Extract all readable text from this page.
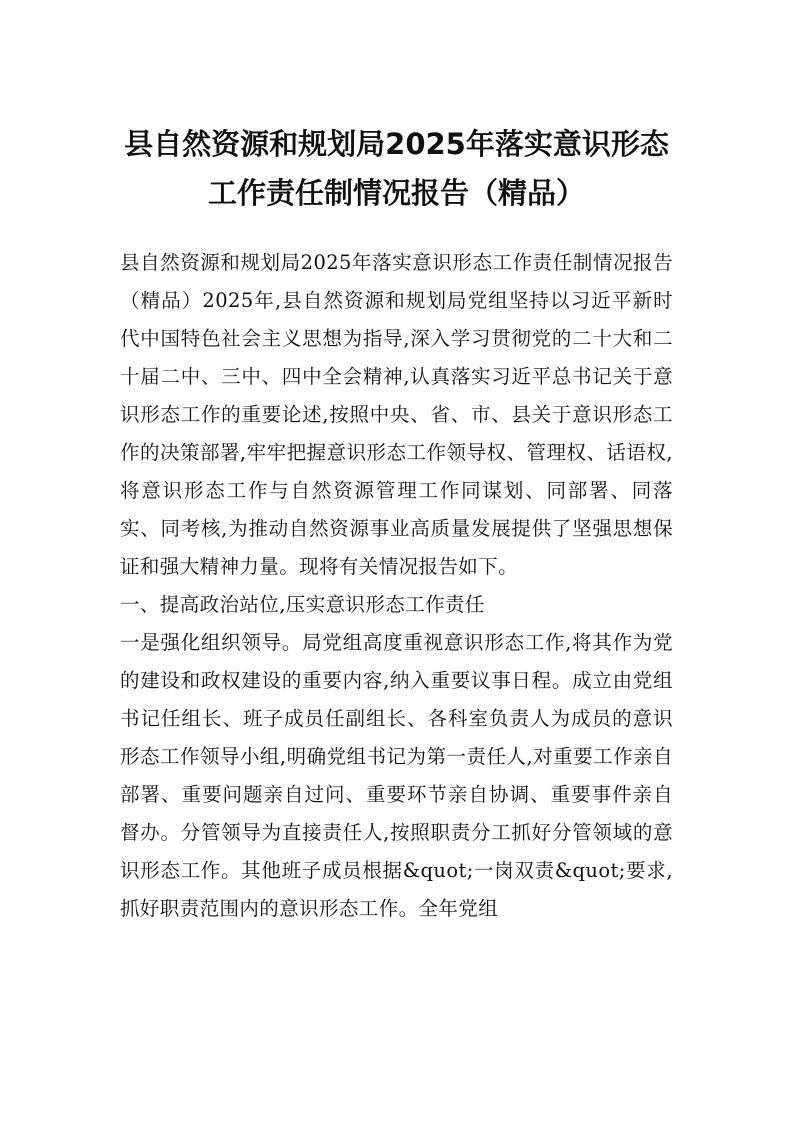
县自然资源和规划局2025年落实意识形态
工作责任制情况报告（精品）

县自然资源和规划局2025年落实意识形态工作责任制情况报告（精品）2025年,县自然资源和规划局党组坚持以习近平新时代中国特色社会主义思想为指导,深入学习贯彻党的二十大和二十届二中、三中、四中全会精神,认真落实习近平总书记关于意识形态工作的重要论述,按照中央、省、市、县关于意识形态工作的决策部署,牢牢把握意识形态工作领导权、管理权、话语权,将意识形态工作与自然资源管理工作同谋划、同部署、同落实、同考核,为推动自然资源事业高质量发展提供了坚强思想保证和强大精神力量。现将有关情况报告如下。

一、提高政治站位,压实意识形态工作责任

一是强化组织领导。局党组高度重视意识形态工作,将其作为党的建设和政权建设的重要内容,纳入重要议事日程。成立由党组书记任组长、班子成员任副组长、各科室负责人为成员的意识形态工作领导小组,明确党组书记为第一责任人,对重要工作亲自部署、重要问题亲自过问、重要环节亲自协调、重要事件亲自督办。分管领导为直接责任人,按照职责分工抓好分管领域的意识形态工作。其他班子成员根据&quot;一岗双责&quot;要求,抓好职责范围内的意识形态工作。全年党组
